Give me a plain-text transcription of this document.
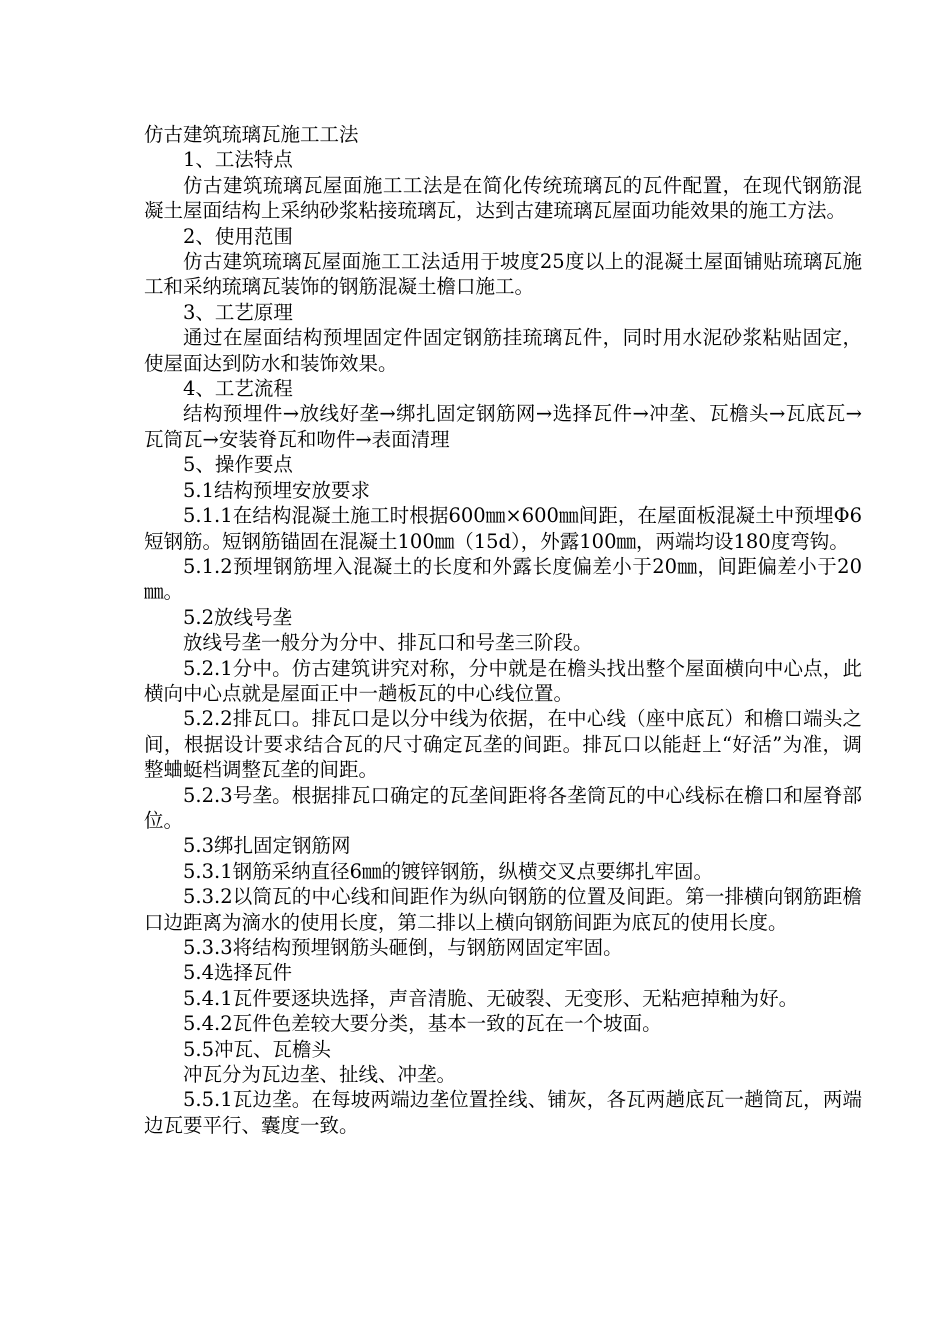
仿古建筑琉璃瓦施工工法

1、工法特点

仿古建筑琉璃瓦屋面施工工法是在简化传统琉璃瓦的瓦件配置，在现代钢筋混凝土屋面结构上采纳砂浆粘接琉璃瓦，达到古建琉璃瓦屋面功能效果的施工方法。

2、使用范围

仿古建筑琉璃瓦屋面施工工法适用于坡度25度以上的混凝土屋面铺贴琉璃瓦施工和采纳琉璃瓦装饰的钢筋混凝土檐口施工。

3、工艺原理

通过在屋面结构预埋固定件固定钢筋挂琉璃瓦件，同时用水泥砂浆粘贴固定，使屋面达到防水和装饰效果。

4、工艺流程

结构预埋件→放线好垄→绑扎固定钢筋网→选择瓦件→冲垄、瓦檐头→瓦底瓦→瓦筒瓦→安装脊瓦和吻件→表面清理

5、操作要点

5.1结构预埋安放要求

5.1.1在结构混凝土施工时根据600㎜×600㎜间距，在屋面板混凝土中预埋Φ6短钢筋。短钢筋锚固在混凝土100㎜（15d），外露100㎜，两端均设180度弯钩。

5.1.2预埋钢筋埋入混凝土的长度和外露长度偏差小于20㎜，间距偏差小于20㎜。

5.2放线号垄

放线号垄一般分为分中、排瓦口和号垄三阶段。

5.2.1分中。仿古建筑讲究对称，分中就是在檐头找出整个屋面横向中心点，此横向中心点就是屋面正中一趟板瓦的中心线位置。

5.2.2排瓦口。排瓦口是以分中线为依据，在中心线（座中底瓦）和檐口端头之间，根据设计要求结合瓦的尺寸确定瓦垄的间距。排瓦口以能赶上“好活”为准，调整蛐蜓档调整瓦垄的间距。

5.2.3号垄。根据排瓦口确定的瓦垄间距将各垄筒瓦的中心线标在檐口和屋脊部位。

5.3绑扎固定钢筋网

5.3.1钢筋采纳直径6㎜的镀锌钢筋，纵横交叉点要绑扎牢固。

5.3.2以筒瓦的中心线和间距作为纵向钢筋的位置及间距。第一排横向钢筋距檐口边距离为滴水的使用长度，第二排以上横向钢筋间距为底瓦的使用长度。

5.3.3将结构预埋钢筋头砸倒，与钢筋网固定牢固。

5.4选择瓦件

5.4.1瓦件要逐块选择，声音清脆、无破裂、无变形、无粘疤掉釉为好。

5.4.2瓦件色差较大要分类，基本一致的瓦在一个坡面。

5.5冲瓦、瓦檐头

冲瓦分为瓦边垄、扯线、冲垄。

5.5.1瓦边垄。在每坡两端边垄位置拴线、铺灰，各瓦两趟底瓦一趟筒瓦，两端边瓦要平行、囊度一致。
